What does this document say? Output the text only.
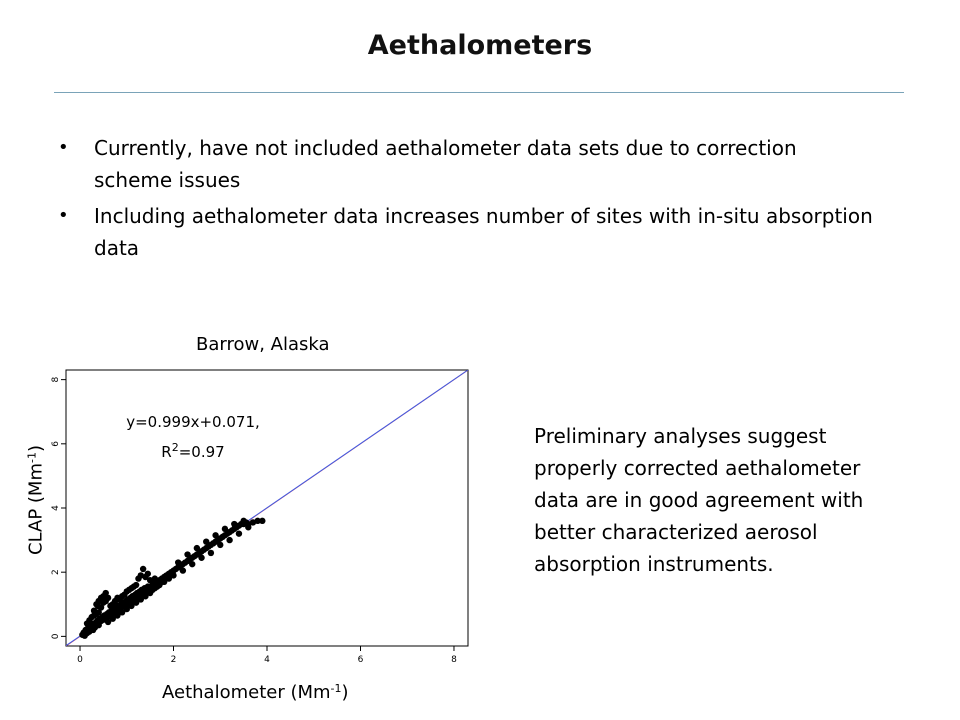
Aethalometers
• Currently, have not included aethalometer data sets due to correction scheme issues
• Including aethalometer data increases number of sites with in-situ absorption data
Barrow, Alaska
0	2	4	6	8
0
2
4
6
8
y=0.999x+0.071,
$R^2=0.97$
CLAP $(Mm^{-1})$
Aethalometer $(Mm^{-1})$
Preliminary analyses suggest properly corrected aethalometer data are in good agreement with better characterized aerosol absorption instruments.
